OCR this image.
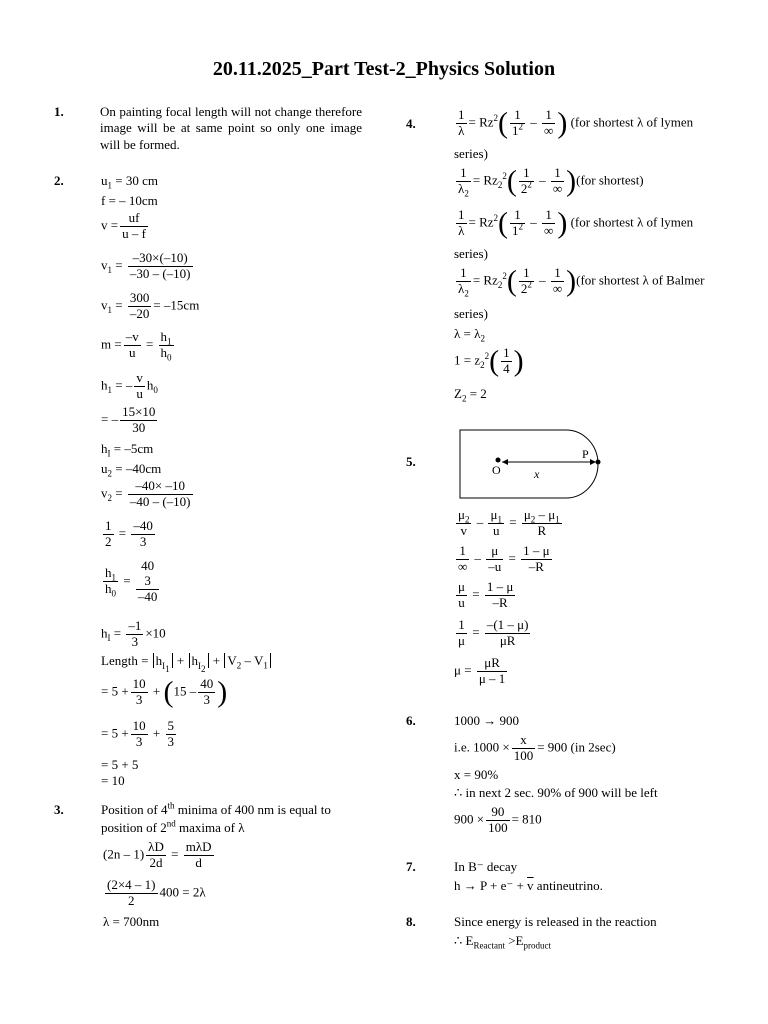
20.11.2025_Part Test-2_Physics Solution
1.	On painting focal length will not change therefore image will be at same point so only one image will be formed.
2.	$u_1 = 30$ cm
f = – 10cm
$v = \frac{uf}{u - f}$
$v_1 = \frac{-30\times(-10)}{-30 - (-10)}$
$v_1 = \frac{300}{-20} = -15cm$
$m = \frac{-v}{u} = \frac{h_1}{h_0}$
$h_1$ = – $\frac{v}{u} h_0$
= – $\frac{15\times 10}{30}$
$h_I = -5cm$
$u_2 = -40cm$
$v_2 = \frac{-40\times -10}{-40 - (-10)}$
$\frac{1}{2} = \frac{-40}{3}$
$\frac{h_1}{h_0}$ =
40
3
–40
$h_I = \frac{-1}{3} \times 10$
Length = $h_{I_1} + h_{I_2} + V_2 - V_1$
= $5 + \frac{10}{3} + (15 - \frac{40}{3}$ )
= $5 + \frac{10}{3} + \frac{5}{3}$
= 5 + 5
= 10
3.	Position of 4th minima of 400 nm is equal to
position of 2nd maxima of λ
$(2n - 1) \frac{\lambda D}{2d} = \frac{\text{mλD}}{d}$
$\frac{(2\times 4 - 1)}{2} 400 = 2\lambda$
λ = 700nm
4.	$\frac{1}{\lambda} = Rz^2( \frac{1}{1^2} - \frac{1}{\infty}$ ) (for shortest λ of lymen
series)
$\frac{1}{\lambda_2} = Rz_2^2( \frac{1}{2^2} - \frac{1}{\infty} )(for$ shortest)
$\frac{1}{\lambda} = Rz^2( \frac{1}{1^2} - \frac{1}{\infty}$ ) (for shortest λ of lymen
series)
$\frac{1}{\lambda_2} = Rz_2^2( \frac{1}{2^2} - \frac{1}{\infty} )(for$ shortest λ of Balmer
series)
$\lambda = \lambda_2$
$1 = z_2^2( \frac{1}{4}$ )
$Z_2 = 2$
5.
O
P
x
$\frac{\mu_2}{v} - \frac{\mu_1}{u} = \frac{\mu_2 - \mu_1}{R}$
$\frac{1}{\infty} - \frac{\mu}{-u} = \frac{1 - \mu}{-R}$
$\frac{\mu}{u} = \frac{1 - \mu}{-R}$
$\frac{1}{\mu} = \frac{-(1 - \mu)}{\mu R}$
$\mu = \frac{\mu R}{\mu - 1}$
6.	1000 → 900
i.e. $1000 \times \frac{x}{100} = 900$ (in 2sec)
x = 90%
∴ in next 2 sec. 90% of 900 will be left
$900 \times \frac{90}{100} = 810$
7.	In B⁻ decay
$h \to P + e^- + \overline{v}$ antineutrino.
8.	Since energy is released in the reaction
∴ $E_{Reactant} >E_{product}$
